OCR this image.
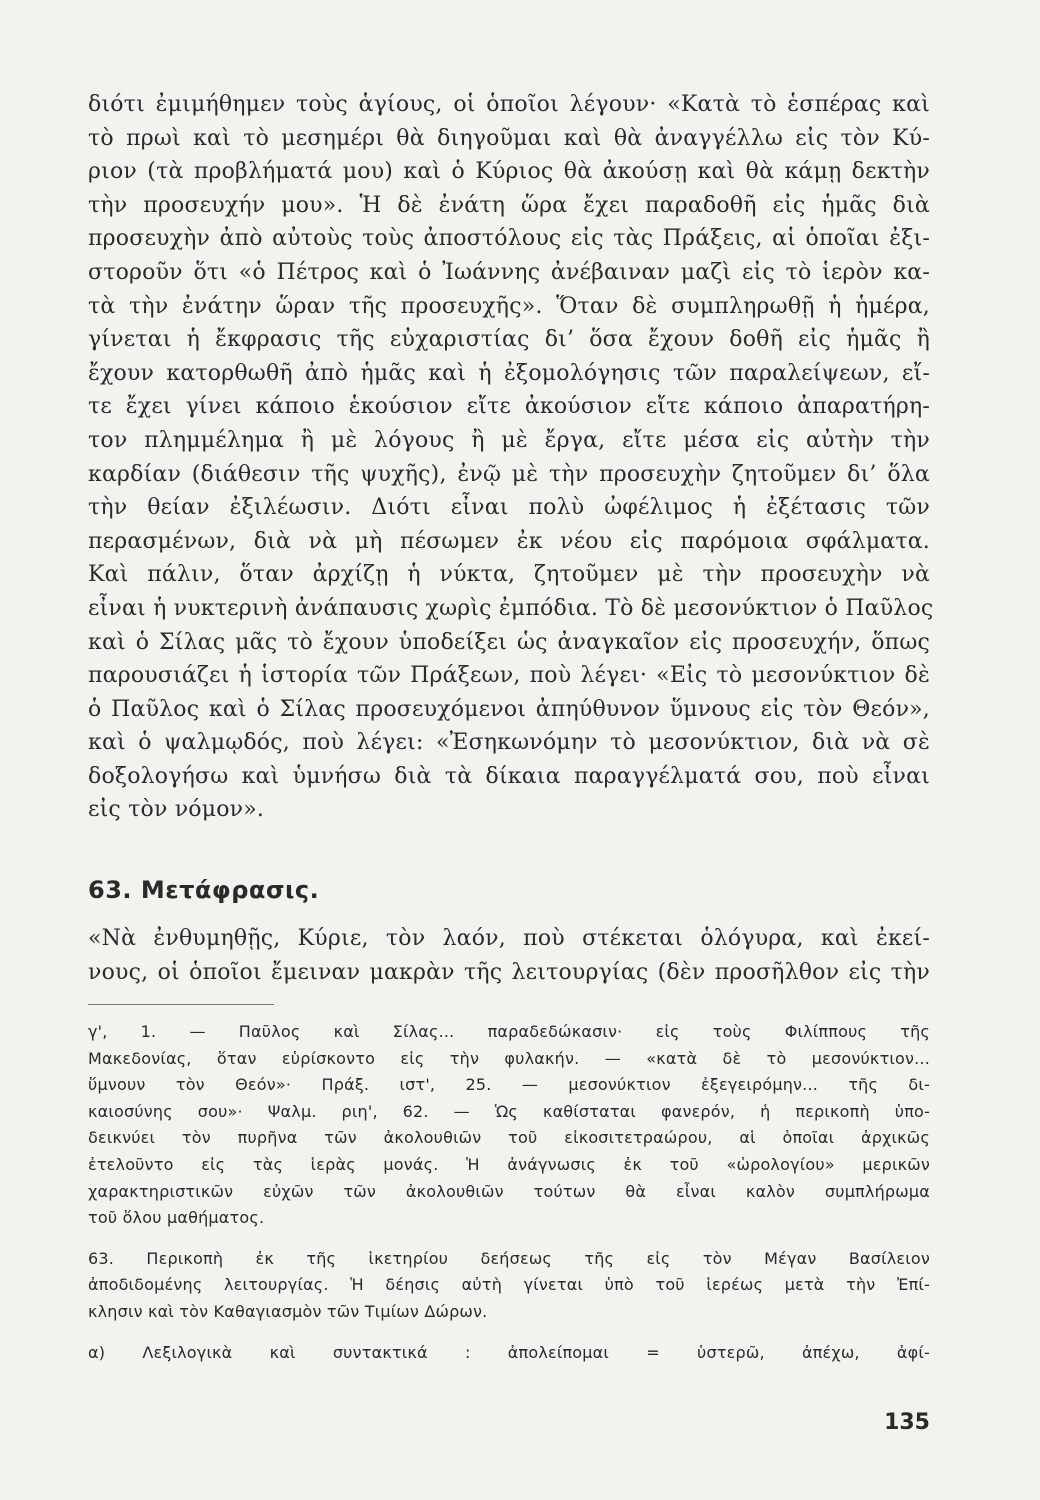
διότι ἐμιμήθημεν τοὺς ἁγίους, οἱ ὁποῖοι λέγουν· «Κατὰ τὸ ἑσπέρας καὶ
τὸ πρωὶ καὶ τὸ μεσημέρι θὰ διηγοῦμαι καὶ θὰ ἀναγγέλλω εἰς τὸν Κύ-
ριον (τὰ προβλήματά μου) καὶ ὁ Κύριος θὰ ἀκούσῃ καὶ θὰ κάμῃ δεκτὴν
τὴν προσευχήν μου». Ἡ δὲ ἐνάτη ὥρα ἔχει παραδοθῆ εἰς ἡμᾶς διὰ
προσευχὴν ἀπὸ αὐτοὺς τοὺς ἀποστόλους εἰς τὰς Πράξεις, αἱ ὁποῖαι ἐξι-
στοροῦν ὅτι «ὁ Πέτρος καὶ ὁ Ἰωάννης ἀνέβαιναν μαζὶ εἰς τὸ ἱερὸν κα-
τὰ τὴν ἐνάτην ὥραν τῆς προσευχῆς». Ὅταν δὲ συμπληρωθῇ ἡ ἡμέρα,
γίνεται ἡ ἔκφρασις τῆς εὐχαριστίας δι’ ὅσα ἔχουν δοθῆ εἰς ἡμᾶς ἢ
ἔχουν κατορθωθῆ ἀπὸ ἡμᾶς καὶ ἡ ἐξομολόγησις τῶν παραλείψεων, εἴ-
τε ἔχει γίνει κάποιο ἑκούσιον εἴτε ἀκούσιον εἴτε κάποιο ἀπαρατήρη-
τον πλημμέλημα ἢ μὲ λόγους ἢ μὲ ἔργα, εἴτε μέσα εἰς αὐτὴν τὴν
καρδίαν (διάθεσιν τῆς ψυχῆς), ἐνῷ μὲ τὴν προσευχὴν ζητοῦμεν δι’ ὅλα
τὴν θείαν ἐξιλέωσιν. Διότι εἶναι πολὺ ὠφέλιμος ἡ ἐξέτασις τῶν
περασμένων, διὰ νὰ μὴ πέσωμεν ἐκ νέου εἰς παρόμοια σφάλματα.
Καὶ πάλιν, ὅταν ἀρχίζῃ ἡ νύκτα, ζητοῦμεν μὲ τὴν προσευχὴν νὰ
εἶναι ἡ νυκτερινὴ ἀνάπαυσις χωρὶς ἐμπόδια. Τὸ δὲ μεσονύκτιον ὁ Παῦλος
καὶ ὁ Σίλας μᾶς τὸ ἔχουν ὑποδείξει ὡς ἀναγκαῖον εἰς προσευχήν, ὅπως
παρουσιάζει ἡ ἱστορία τῶν Πράξεων, ποὺ λέγει· «Εἰς τὸ μεσονύκτιον δὲ
ὁ Παῦλος καὶ ὁ Σίλας προσευχόμενοι ἀπηύθυνον ὕμνους εἰς τὸν Θεόν»,
καὶ ὁ ψαλμῳδός, ποὺ λέγει: «Ἐσηκωνόμην τὸ μεσονύκτιον, διὰ νὰ σὲ
δοξολογήσω καὶ ὑμνήσω διὰ τὰ δίκαια παραγγέλματά σου, ποὺ εἶναι
εἰς τὸν νόμον».
63. Μετάφρασις.
«Νὰ ἐνθυμηθῇς, Κύριε, τὸν λαόν, ποὺ στέκεται ὁλόγυρα, καὶ ἐκεί-
νους, οἱ ὁποῖοι ἔμειναν μακρὰν τῆς λειτουργίας (δὲν προσῆλθον εἰς τὴν
γ', 1. — Παῦλος καὶ Σίλας... παραδεδώκασιν· εἰς τοὺς Φιλίππους τῆς
Μακεδονίας, ὅταν εὑρίσκοντο εἰς τὴν φυλακήν. — «κατὰ δὲ τὸ μεσονύκτιον...
ὕμνουν τὸν Θεόν»· Πράξ. ιστ', 25. — μεσονύκτιον ἐξεγειρόμην... τῆς δι-
καιοσύνης σου»· Ψαλμ. ριη', 62. — Ὡς καθίσταται φανερόν, ἡ περικοπὴ ὑπο-
δεικνύει τὸν πυρῆνα τῶν ἀκολουθιῶν τοῦ εἰκοσιτετραώρου, αἱ ὁποῖαι ἀρχικῶς
ἐτελοῦντο εἰς τὰς ἱερὰς μονάς. Ἡ ἀνάγνωσις ἐκ τοῦ «ὡρολογίου» μερικῶν
χαρακτηριστικῶν εὐχῶν τῶν ἀκολουθιῶν τούτων θὰ εἶναι καλὸν συμπλήρωμα
τοῦ ὅλου μαθήματος.
63. Περικοπὴ ἐκ τῆς ἱκετηρίου δεήσεως τῆς εἰς τὸν Μέγαν Βασίλειον
ἀποδιδομένης λειτουργίας. Ἡ δέησις αὐτὴ γίνεται ὑπὸ τοῦ ἱερέως μετὰ τὴν Ἐπί-
κλησιν καὶ τὸν Καθαγιασμὸν τῶν Τιμίων Δώρων.
α) Λεξιλογικὰ καὶ συντακτικά : ἀπολείπομαι = ὑστερῶ, ἀπέχω, ἀφί-
135
